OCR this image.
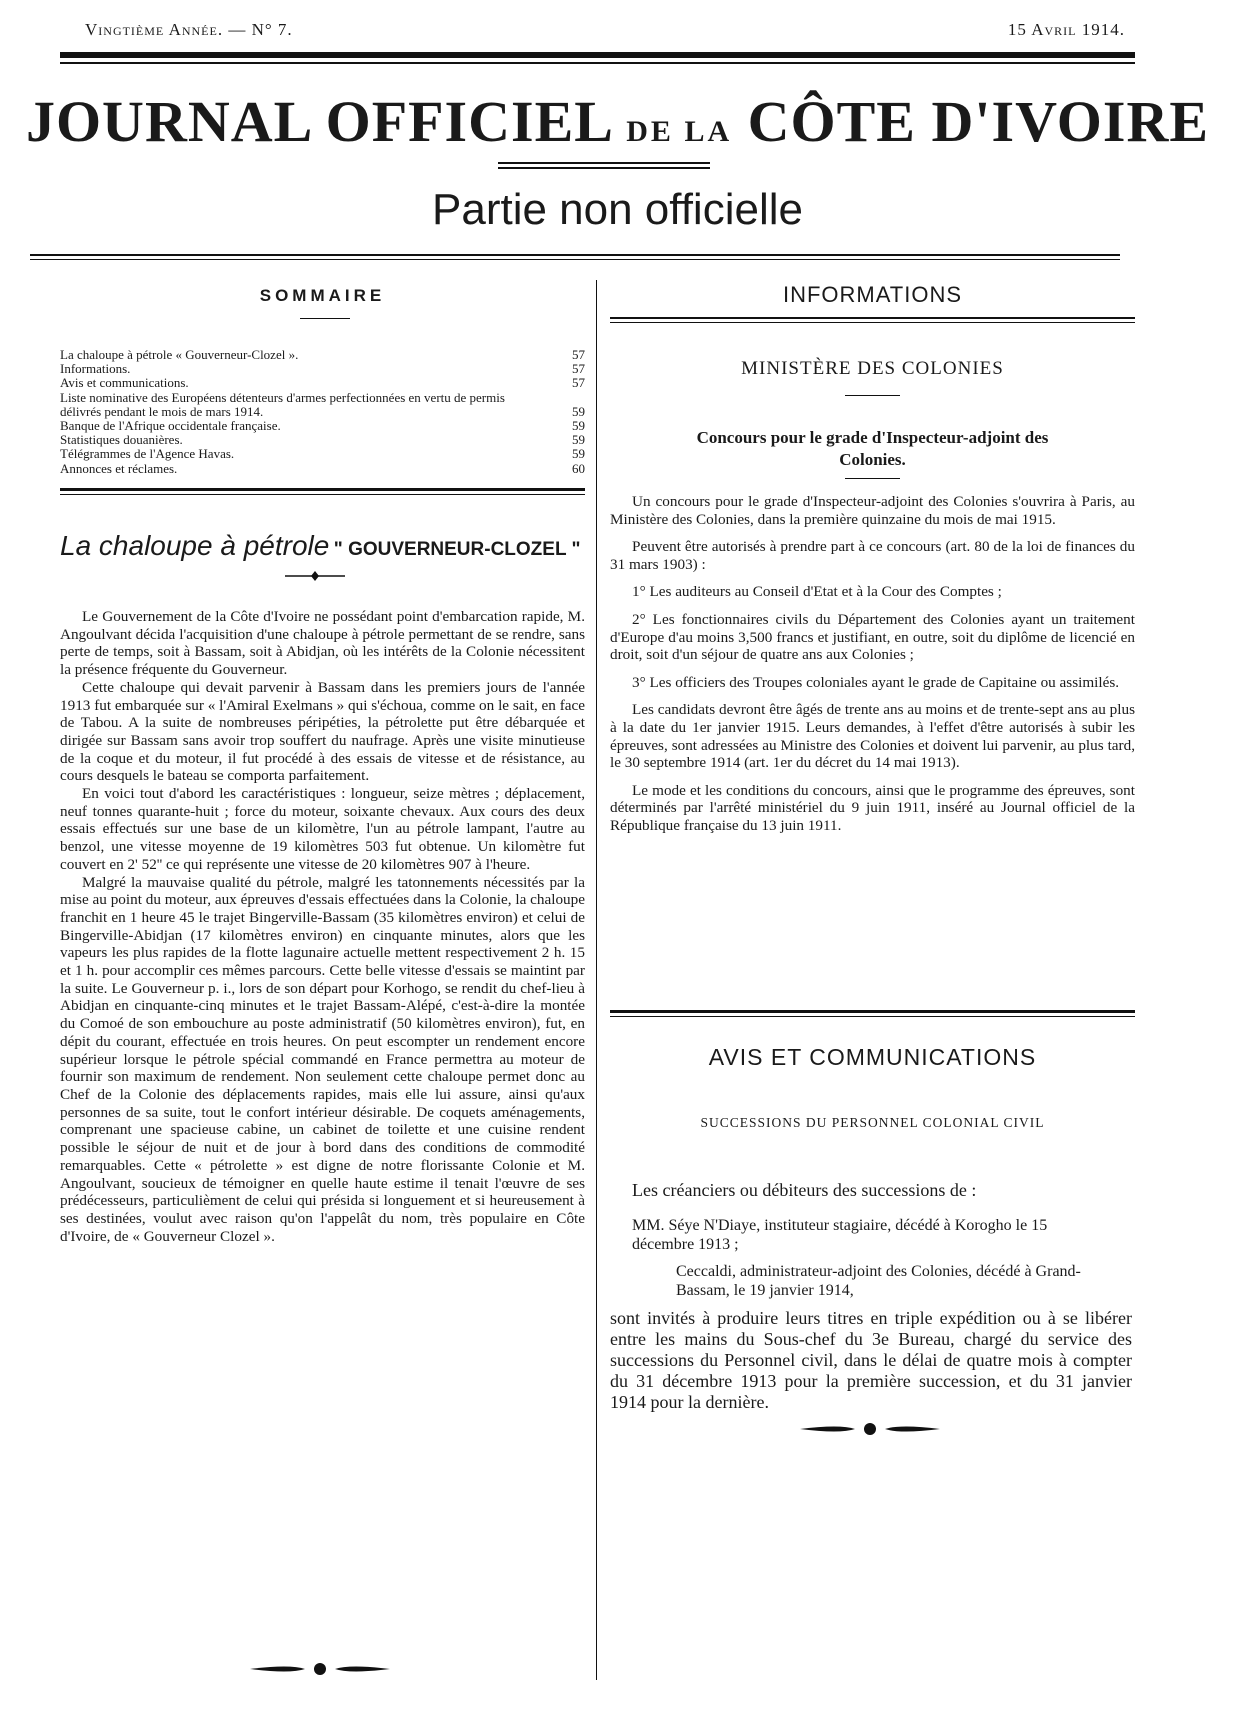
Vingtième Année. — N° 7.	15 Avril 1914.
JOURNAL OFFICIEL DE LA CÔTE D'IVOIRE
Partie non officielle
SOMMAIRE
La chaloupe à pétrole « Gouverneur-Clozel ».	57
Informations.	57
Avis et communications.	57
Liste nominative des Européens détenteurs d'armes perfectionnées en vertu de permis délivrés pendant le mois de mars 1914.	59
Banque de l'Afrique occidentale française.	59
Statistiques douanières.	59
Télégrammes de l'Agence Havas.	59
Annonces et réclames.	60
La chaloupe à pétrole " GOUVERNEUR-CLOZEL "

Le Gouvernement de la Côte d'Ivoire ne possédant point d'embarcation rapide, M. Angoulvant décida l'acquisition d'une chaloupe à pétrole permettant de se rendre, sans perte de temps, soit à Bassam, soit à Abidjan, où les intérêts de la Colonie nécessitent la présence fréquente du Gouverneur.

Cette chaloupe qui devait parvenir à Bassam dans les premiers jours de l'année 1913 fut embarquée sur « l'Amiral Exelmans » qui s'échoua, comme on le sait, en face de Tabou. A la suite de nombreuses péripéties, la pétrolette put être débarquée et dirigée sur Bassam sans avoir trop souffert du naufrage. Après une visite minutieuse de la coque et du moteur, il fut procédé à des essais de vitesse et de résistance, au cours desquels le bateau se comporta parfaitement.

En voici tout d'abord les caractéristiques : longueur, seize mètres ; déplacement, neuf tonnes quarante-huit ; force du moteur, soixante chevaux. Aux cours des deux essais effectués sur une base de un kilomètre, l'un au pétrole lampant, l'autre au benzol, une vitesse moyenne de 19 kilomètres 503 fut obtenue. Un kilomètre fut couvert en 2' 52'' ce qui représente une vitesse de 20 kilomètres 907 à l'heure.

Malgré la mauvaise qualité du pétrole, malgré les tatonnements nécessités par la mise au point du moteur, aux épreuves d'essais effectuées dans la Colonie, la chaloupe franchit en 1 heure 45 le trajet Bingerville-Bassam (35 kilomètres environ) et celui de Bingerville-Abidjan (17 kilomètres environ) en cinquante minutes, alors que les vapeurs les plus rapides de la flotte lagunaire actuelle mettent respectivement 2 h. 15 et 1 h. pour accomplir ces mêmes parcours. Cette belle vitesse d'essais se maintint par la suite. Le Gouverneur p. i., lors de son départ pour Korhogo, se rendit du chef-lieu à Abidjan en cinquante-cinq minutes et le trajet Bassam-Alépé, c'est-à-dire la montée du Comoé de son embouchure au poste administratif (50 kilomètres environ), fut, en dépit du courant, effectuée en trois heures. On peut escompter un rendement encore supérieur lorsque le pétrole spécial commandé en France permettra au moteur de fournir son maximum de rendement. Non seulement cette chaloupe permet donc au Chef de la Colonie des déplacements rapides, mais elle lui assure, ainsi qu'aux personnes de sa suite, tout le confort intérieur désirable. De coquets aménagements, comprenant une spacieuse cabine, un cabinet de toilette et une cuisine rendent possible le séjour de nuit et de jour à bord dans des conditions de commodité remarquables. Cette « pétrolette » est digne de notre florissante Colonie et M. Angoulvant, soucieux de témoigner en quelle haute estime il tenait l'œuvre de ses prédécesseurs, particulièment de celui qui présida si longuement et si heureusement à ses destinées, voulut avec raison qu'on l'appelât du nom, très populaire en Côte d'Ivoire, de « Gouverneur Clozel ».

INFORMATIONS
MINISTÈRE DES COLONIES
Concours pour le grade d'Inspecteur-adjoint des Colonies.

Un concours pour le grade d'Inspecteur-adjoint des Colonies s'ouvrira à Paris, au Ministère des Colonies, dans la première quinzaine du mois de mai 1915.

Peuvent être autorisés à prendre part à ce concours (art. 80 de la loi de finances du 31 mars 1903) :

1° Les auditeurs au Conseil d'Etat et à la Cour des Comptes ;

2° Les fonctionnaires civils du Département des Colonies ayant un traitement d'Europe d'au moins 3,500 francs et justifiant, en outre, soit du diplôme de licencié en droit, soit d'un séjour de quatre ans aux Colonies ;

3° Les officiers des Troupes coloniales ayant le grade de Capitaine ou assimilés.

Les candidats devront être âgés de trente ans au moins et de trente-sept ans au plus à la date du 1er janvier 1915. Leurs demandes, à l'effet d'être autorisés à subir les épreuves, sont adressées au Ministre des Colonies et doivent lui parvenir, au plus tard, le 30 septembre 1914 (art. 1er du décret du 14 mai 1913).

Le mode et les conditions du concours, ainsi que le programme des épreuves, sont déterminés par l'arrêté ministériel du 9 juin 1911, inséré au Journal officiel de la République française du 13 juin 1911.

AVIS ET COMMUNICATIONS
SUCCESSIONS DU PERSONNEL COLONIAL CIVIL
Les créanciers ou débiteurs des successions de :
MM. Séye N'Diaye, instituteur stagiaire, décédé à Korogho le 15 décembre 1913 ;
Ceccaldi, administrateur-adjoint des Colonies, décédé à Grand-Bassam, le 19 janvier 1914,
sont invités à produire leurs titres en triple expédition ou à se libérer entre les mains du Sous-chef du 3e Bureau, chargé du service des successions du Personnel civil, dans le délai de quatre mois à compter du 31 décembre 1913 pour la première succession, et du 31 janvier 1914 pour la dernière.
